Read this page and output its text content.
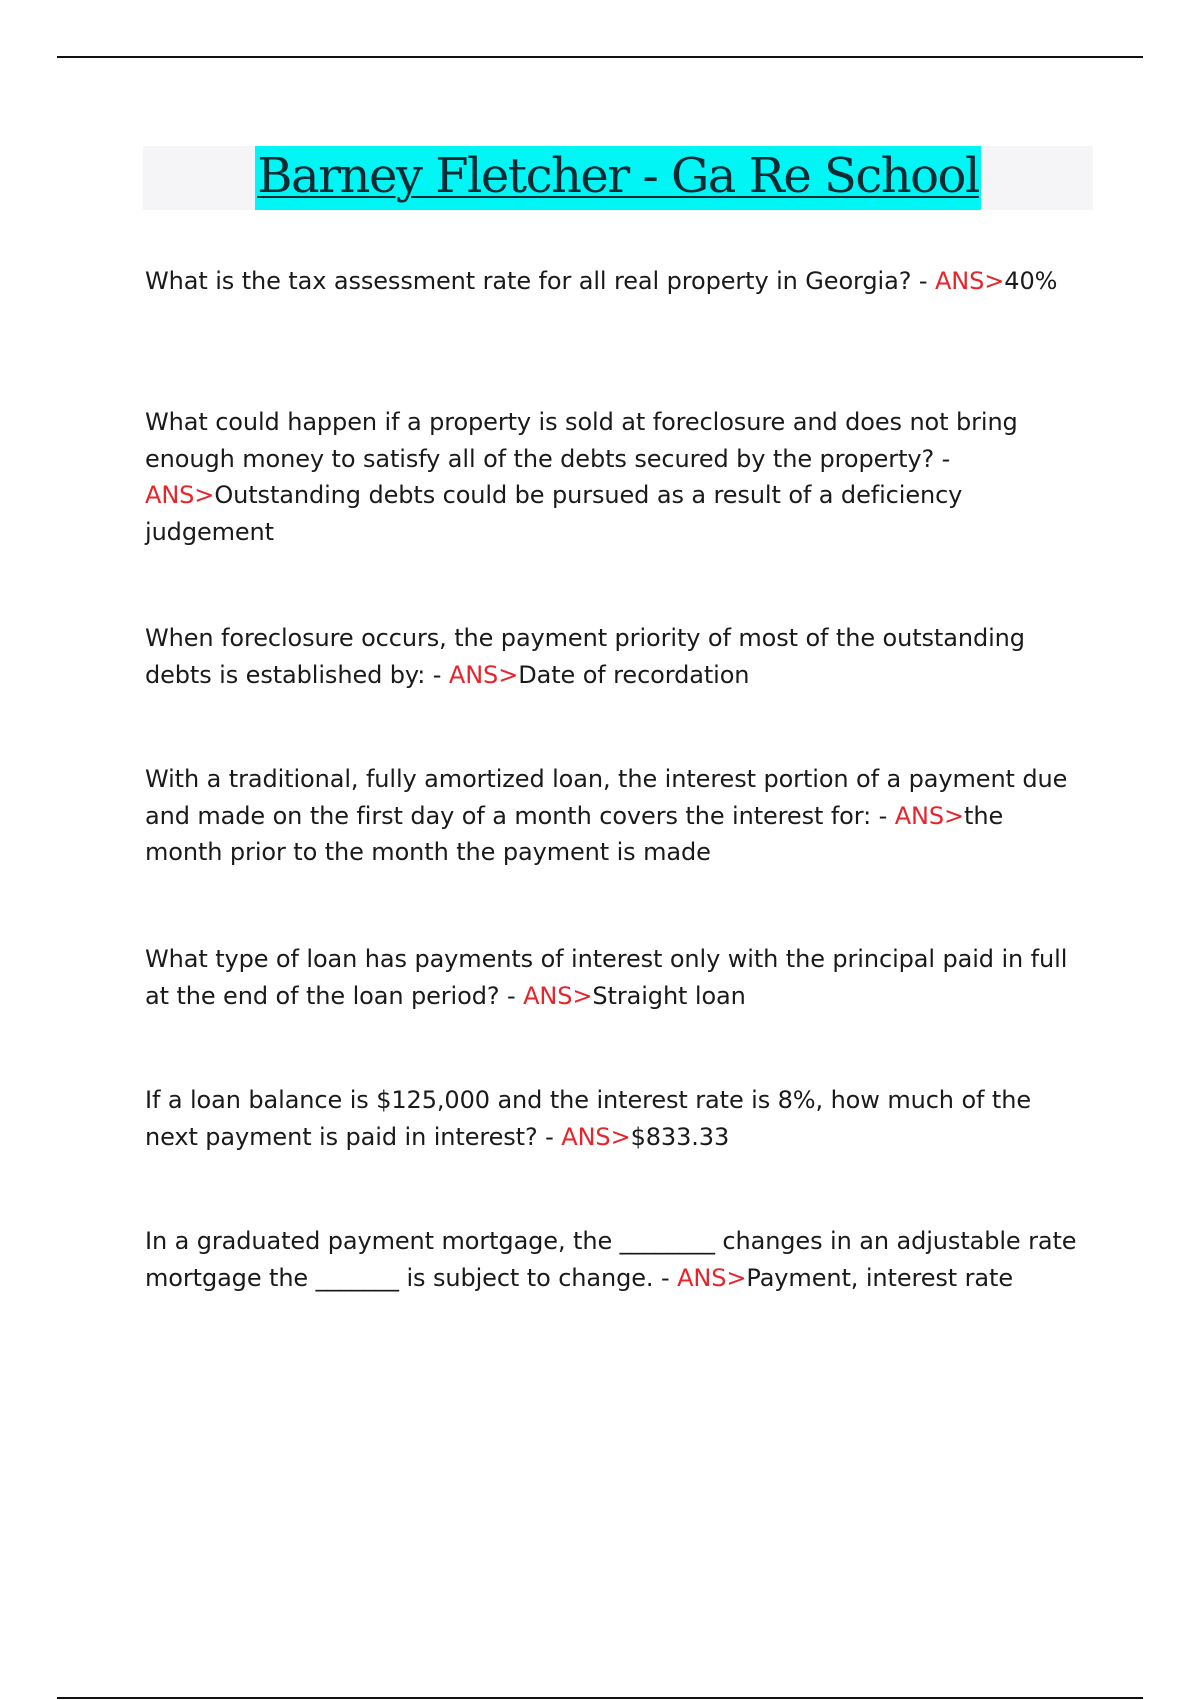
Barney Fletcher - Ga Re School
What is the tax assessment rate for all real property in Georgia? - ANS>40%
What could happen if a property is sold at foreclosure and does not bring enough money to satisfy all of the debts secured by the property? - ANS>Outstanding debts could be pursued as a result of a deficiency judgement
When foreclosure occurs, the payment priority of most of the outstanding debts is established by: - ANS>Date of recordation
With a traditional, fully amortized loan, the interest portion of a payment due and made on the first day of a month covers the interest for: - ANS>the month prior to the month the payment is made
What type of loan has payments of interest only with the principal paid in full at the end of the loan period? - ANS>Straight loan
If a loan balance is $125,000 and the interest rate is 8%, how much of the next payment is paid in interest? - ANS>$833.33
In a graduated payment mortgage, the ________ changes in an adjustable rate mortgage the _______ is subject to change. - ANS>Payment, interest rate
